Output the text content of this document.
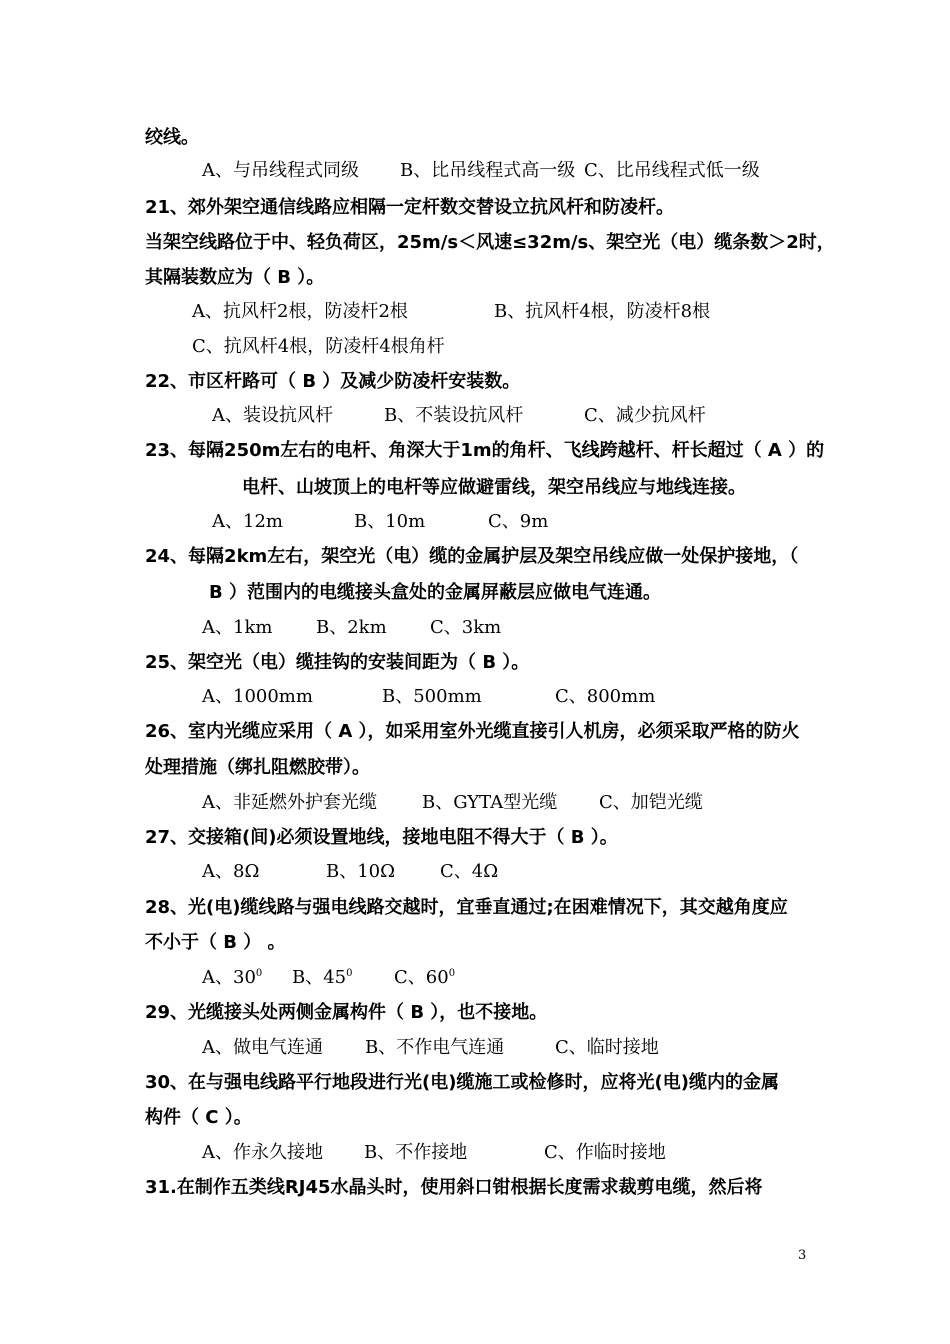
绞线。
A、与吊线程式同级 B、比吊线程式高一级 C、比吊线程式低一级
21、郊外架空通信线路应相隔一定杆数交替设立抗风杆和防凌杆。
当架空线路位于中、轻负荷区，25m/s＜风速≤32m/s、架空光（电）缆条数＞2时，
其隔装数应为（ B ）。
A、抗风杆2根，防凌杆2根	B、抗风杆4根，防凌杆8根
C、抗风杆4根，防凌杆4根角杆
22、市区杆路可（ B ）及减少防凌杆安装数。
A、装设抗风杆	B、不装设抗风杆	C、减少抗风杆
23、每隔250m左右的电杆、角深大于1m的角杆、飞线跨越杆、杆长超过（ A ）的
电杆、山坡顶上的电杆等应做避雷线，架空吊线应与地线连接。
A、12m	B、10m	C、9m
24、每隔2km左右，架空光（电）缆的金属护层及架空吊线应做一处保护接地，（
B ）范围内的电缆接头盒处的金属屏蔽层应做电气连通。
A、1km B、2km C、3km
25、架空光（电）缆挂钩的安装间距为（ B ）。
A、1000mm	B、500mm	C、800mm
26、室内光缆应采用（ A ），如采用室外光缆直接引人机房，必须采取严格的防火
处理措施（绑扎阻燃胶带）。
A、非延燃外护套光缆	B、GYTA型光缆 C、加铠光缆
27、交接箱(间)必须设置地线，接地电阻不得大于（ B ）。
A、8Ω	B、10Ω C、4Ω
28、光(电)缆线路与强电线路交越时，宜垂直通过;在困难情况下，其交越角度应
不小于（ B ） 。
A、$30^0$ B、$45^0$ C、$60^0$
29、光缆接头处两侧金属构件（ B ），也不接地。
A、做电气连通 B、不作电气连通	C、临时接地
30、在与强电线路平行地段进行光(电)缆施工或检修时，应将光(电)缆内的金属
构件（ C ）。
A、作永久接地 B、不作接地	C、作临时接地
31.在制作五类线RJ45水晶头时，使用斜口钳根据长度需求裁剪电缆，然后将
3
